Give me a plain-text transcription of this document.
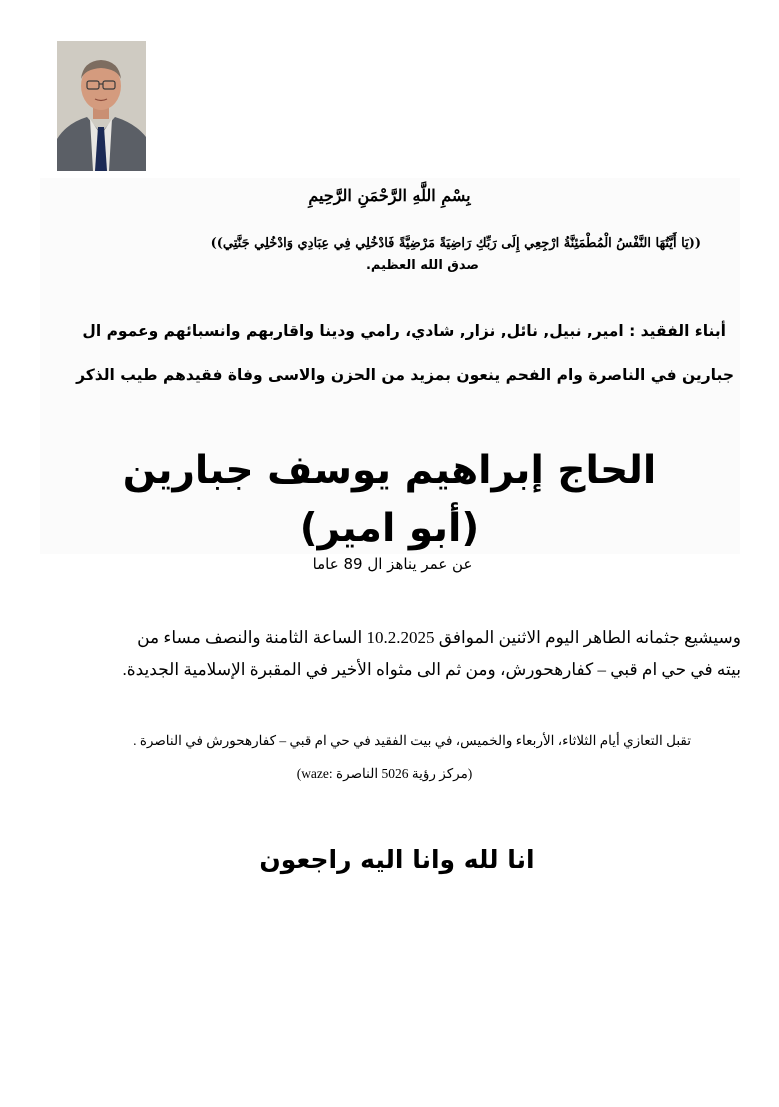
بِسْمِ اللَّهِ الرَّحْمَنِ الرَّحِيمِ
((يَا أَيَّتُهَا النَّفْسُ الْمُطْمَئِنَّةُ ارْجِعِي إِلَى رَبِّكِ رَاضِيَةً مَرْضِيَّةً فَادْخُلِي فِي عِبَادِي وَادْخُلِي جَنَّتِي))
صدق الله العظيم.
أبناء الفقيد : امير, نبيل, نائل, نزار, شادي، رامي ودينا واقاربهم وانسبائهم وعموم ال
جبارين في الناصرة وام الفحم ينعون بمزيد من الحزن والاسى وفاة فقيدهم طيب الذكر
الحاج إبراهيم يوسف جبارين
(أبو امير)
عن عمر يناهز ال 89 عاما
وسيشيع جثمانه الطاهر اليوم الاثنين الموافق 10.2.2025 الساعة الثامنة والنصف مساء من
بيته في حي ام قبي – كفارهحورش، ومن ثم الى مثواه الأخير في المقبرة الإسلامية الجديدة.
تقبل التعازي أيام الثلاثاء، الأربعاء والخميس، في بيت الفقيد في حي ام قبي – كفارهحورش في الناصرة .
(مركز رؤية 5026 الناصرة :waze)
انا لله وانا اليه راجعون
